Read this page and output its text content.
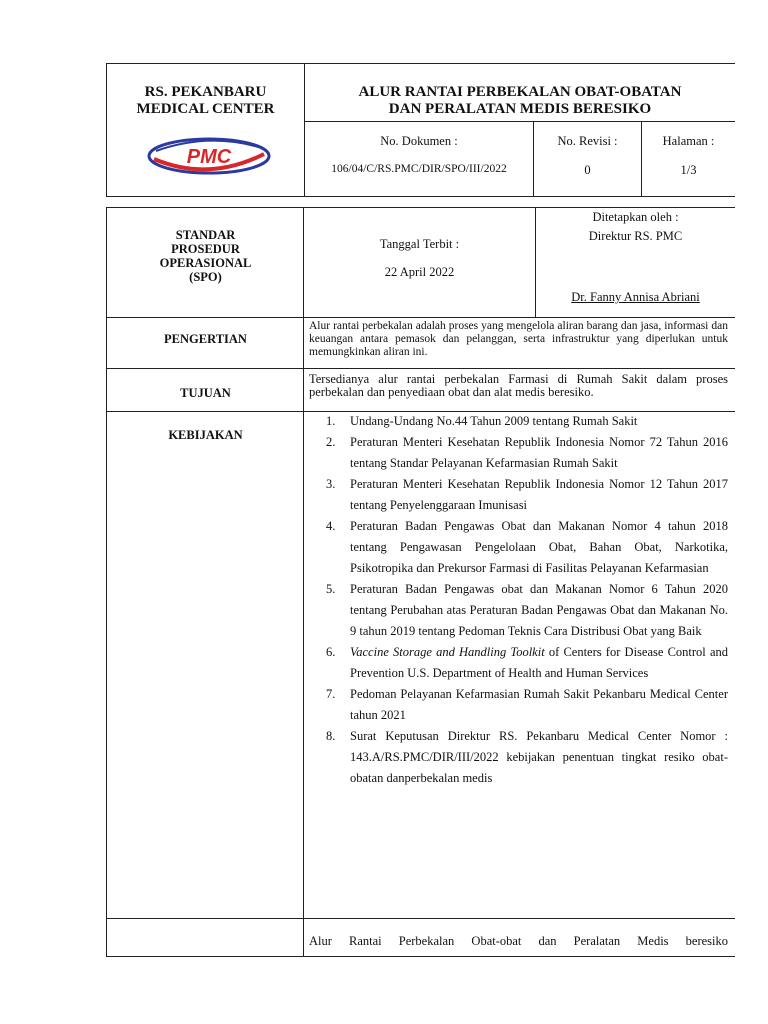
RS. PEKANBARU
MEDICAL CENTER
PMC
ALUR RANTAI PERBEKALAN OBAT-OBATAN
DAN PERALATAN MEDIS BERESIKO
No. Dokumen :
106/04/C/RS.PMC/DIR/SPO/III/2022
No. Revisi :
0
Halaman :
1/3
STANDAR
PROSEDUR
OPERASIONAL
(SPO)
Tanggal Terbit :
22 April 2022
Ditetapkan oleh :
Direktur RS. PMC
Dr. Fanny Annisa Abriani
PENGERTIAN
Alur rantai perbekalan adalah proses yang mengelola aliran barang dan jasa, informasi dan keuangan antara pemasok dan pelanggan, serta infrastruktur yang diperlukan untuk memungkinkan aliran ini.
TUJUAN
Tersedianya alur rantai perbekalan Farmasi di Rumah Sakit dalam proses perbekalan dan penyediaan obat dan alat medis beresiko.
KEBIJAKAN
1. Undang-Undang No.44 Tahun 2009 tentang Rumah Sakit
2. Peraturan Menteri Kesehatan Republik Indonesia Nomor 72 Tahun 2016 tentang Standar Pelayanan Kefarmasian Rumah Sakit
3. Peraturan Menteri Kesehatan Republik Indonesia Nomor 12 Tahun 2017 tentang Penyelenggaraan Imunisasi
4. Peraturan Badan Pengawas Obat dan Makanan Nomor 4 tahun 2018 tentang Pengawasan Pengelolaan Obat, Bahan Obat, Narkotika, Psikotropika dan Prekursor Farmasi di Fasilitas Pelayanan Kefarmasian
5. Peraturan Badan Pengawas obat dan Makanan Nomor 6 Tahun 2020 tentang Perubahan atas Peraturan Badan Pengawas Obat dan Makanan No. 9 tahun 2019 tentang Pedoman Teknis Cara Distribusi Obat yang Baik
6. Vaccine Storage and Handling Toolkit of Centers for Disease Control and Prevention U.S. Department of Health and Human Services
7. Pedoman Pelayanan Kefarmasian Rumah Sakit Pekanbaru Medical Center tahun 2021
8. Surat Keputusan Direktur RS. Pekanbaru Medical Center Nomor : 143.A/RS.PMC/DIR/III/2022 kebijakan penentuan tingkat resiko obat-obatan danperbekalan medis
Alur Rantai Perbekalan Obat-obat dan Peralatan Medis beresiko
